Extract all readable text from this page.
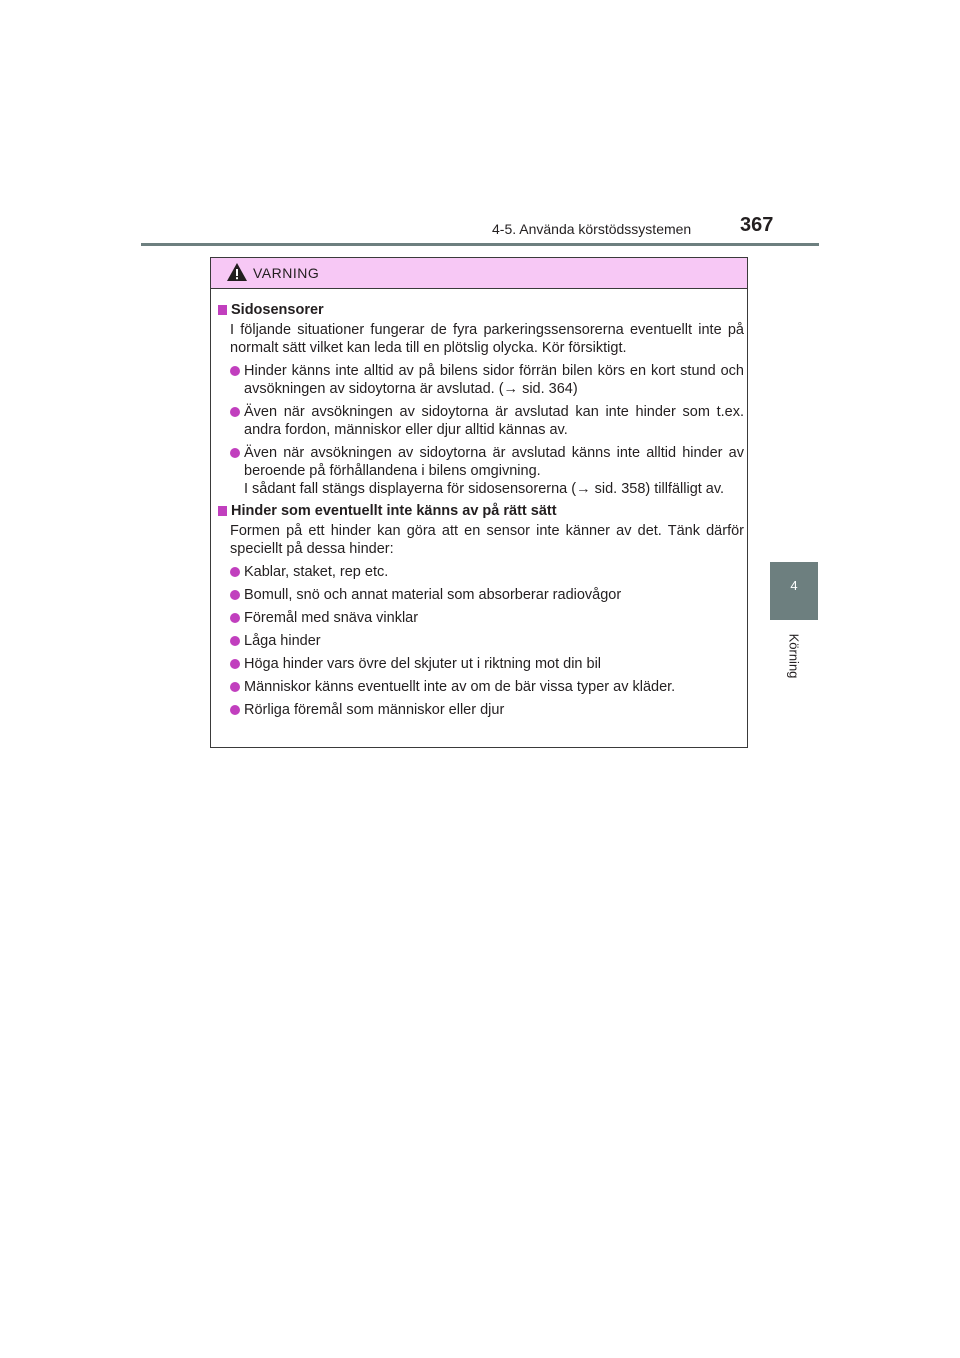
4-5. Använda körstödssystemen 367
4
Körning
VARNING
Sidosensorer
I följande situationer fungerar de fyra parkeringssensorerna eventuellt inte på normalt sätt vilket kan leda till en plötslig olycka. Kör försiktigt.
Hinder känns inte alltid av på bilens sidor förrän bilen körs en kort stund och avsökningen av sidoytorna är avslutad. (→ sid. 364)
Även när avsökningen av sidoytorna är avslutad kan inte hinder som t.ex. andra fordon, människor eller djur alltid kännas av.
Även när avsökningen av sidoytorna är avslutad känns inte alltid hinder av beroende på förhållandena i bilens omgivning.
I sådant fall stängs displayerna för sidosensorerna (→ sid. 358) tillfälligt av.
Hinder som eventuellt inte känns av på rätt sätt
Formen på ett hinder kan göra att en sensor inte känner av det. Tänk därför speciellt på dessa hinder:
Kablar, staket, rep etc.
Bomull, snö och annat material som absorberar radiovågor
Föremål med snäva vinklar
Låga hinder
Höga hinder vars övre del skjuter ut i riktning mot din bil
Människor känns eventuellt inte av om de bär vissa typer av kläder.
Rörliga föremål som människor eller djur
